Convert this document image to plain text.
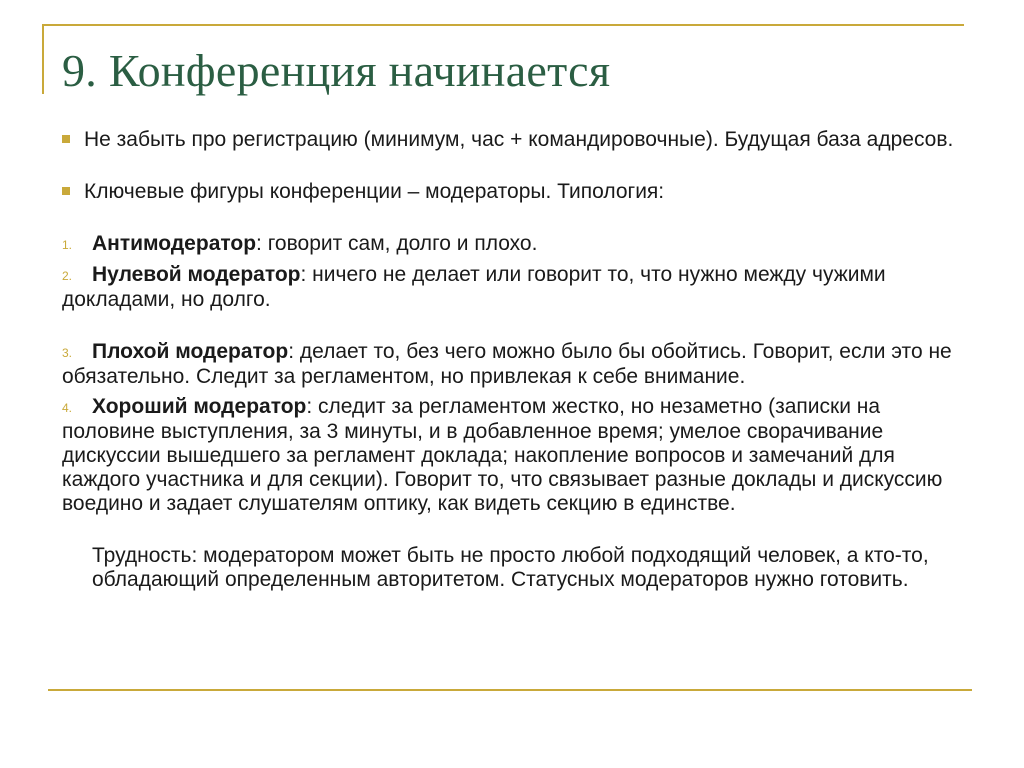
9. Конференция начинается

Не забыть про регистрацию (минимум, час + командировочные). Будущая база адресов.

Ключевые фигуры конференции – модераторы. Типология:

1. Антимодератор: говорит сам, долго и плохо.

2. Нулевой модератор: ничего не делает или говорит то, что нужно между чужими докладами, но долго.

3. Плохой модератор: делает то, без чего можно было бы обойтись. Говорит, если это не обязательно. Следит за регламентом, но привлекая к себе внимание.

4. Хороший модератор: следит за регламентом жестко, но незаметно (записки на половине выступления, за 3 минуты, и в добавленное время; умелое сворачивание дискуссии вышедшего за регламент доклада; накопление вопросов и замечаний для каждого участника и для секции). Говорит то, что связывает разные доклады и дискуссию воедино и задает слушателям оптику, как видеть секцию в единстве.

Трудность: модератором может быть не просто любой подходящий человек, а кто-то, обладающий определенным авторитетом. Статусных модераторов нужно готовить.
